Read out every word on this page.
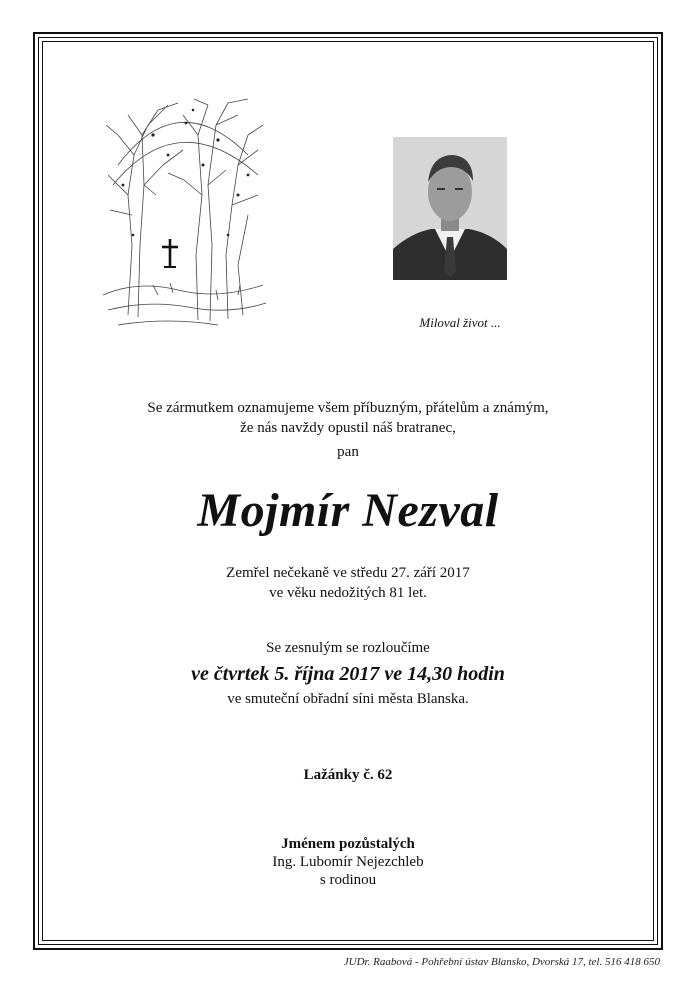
Miloval život ...
Se zármutkem oznamujeme všem příbuzným, přátelům a známým,
že nás navždy opustil náš bratranec,
pan
Mojmír Nezval
Zemřel nečekaně ve středu 27. září 2017
ve věku nedožitých 81 let.
Se zesnulým se rozloučíme
ve čtvrtek 5. října 2017 ve 14,30 hodin
ve smuteční obřadní síni města Blanska.
Lažánky č. 62
Jménem pozůstalých
Ing. Lubomír Nejezchleb
s rodinou
JUDr. Raabová - Pohřební ústav Blansko, Dvorská 17, tel. 516 418 650
